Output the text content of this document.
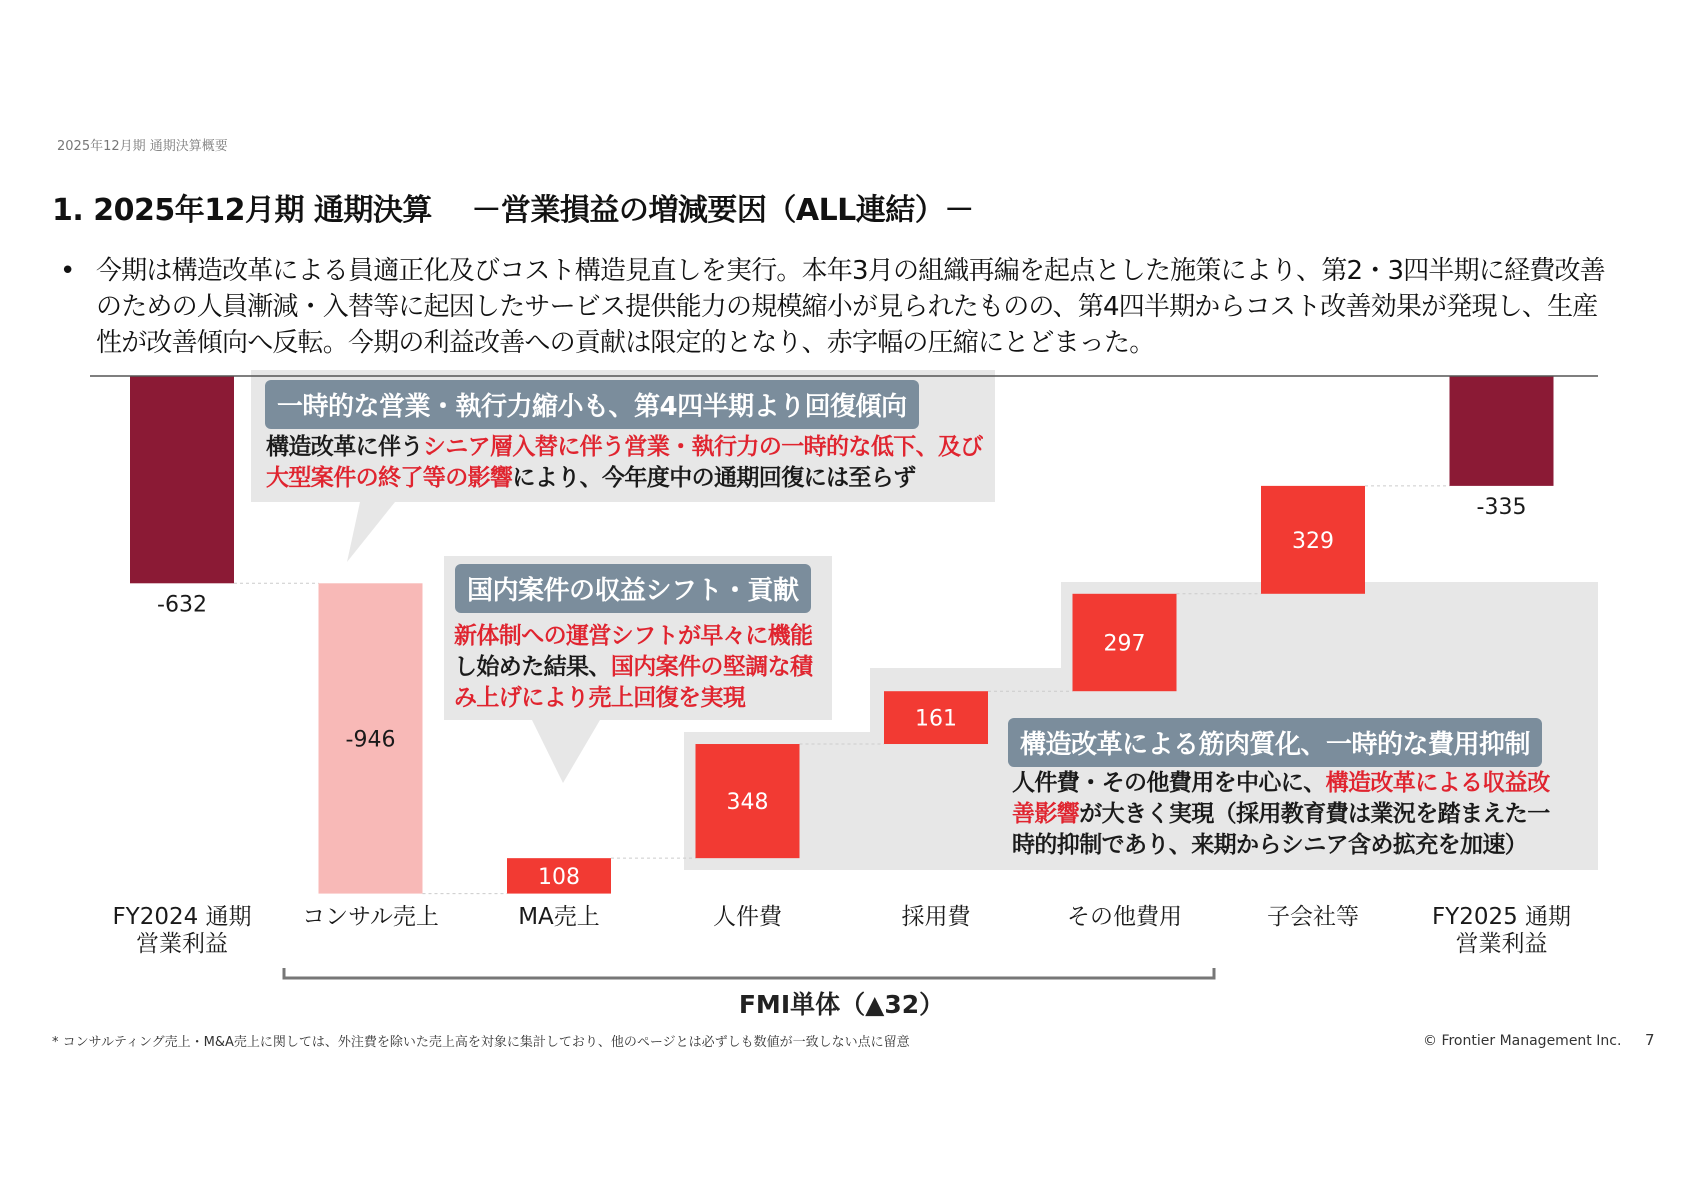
2025年12月期 通期決算概要
1. 2025年12月期 通期決算　 －営業損益の増減要因（ALL連結）－
• 今期は構造改革による員適正化及びコスト構造見直しを実行。本年3月の組織再編を起点とした施策により、第2・3四半期に経費改善のための人員漸減・入替等に起因したサービス提供能力の規模縮小が見られたものの、第4四半期からコスト改善効果が発現し、生産性が改善傾向へ反転。今期の利益改善への貢献は限定的となり、赤字幅の圧縮にとどまった。
-632
-946
108
348
161
297
329
-335
FY2024 通期営業利益
コンサル売上	MA売上	人件費	採用費	その他費用	子会社等	FY2025 通期営業利益
一時的な営業・執行力縮小も、第4四半期より回復傾向
構造改革に伴うシニア層入替に伴う営業・執行力の一時的な低下、及び大型案件の終了等の影響により、今年度中の通期回復には至らず
国内案件の収益シフト・貢献
新体制への運営シフトが早々に機能し始めた結果、国内案件の堅調な積み上げにより売上回復を実現
構造改革による筋肉質化、一時的な費用抑制
人件費・その他費用を中心に、構造改革による収益改善影響が大きく実現（採用教育費は業況を踏まえた一時的抑制であり、来期からシニア含め拡充を加速）
FMI単体（▲32）
* コンサルティング売上・M&A売上に関しては、外注費を除いた売上高を対象に集計しており、他のページとは必ずしも数値が一致しない点に留意	© Frontier Management Inc. 7
